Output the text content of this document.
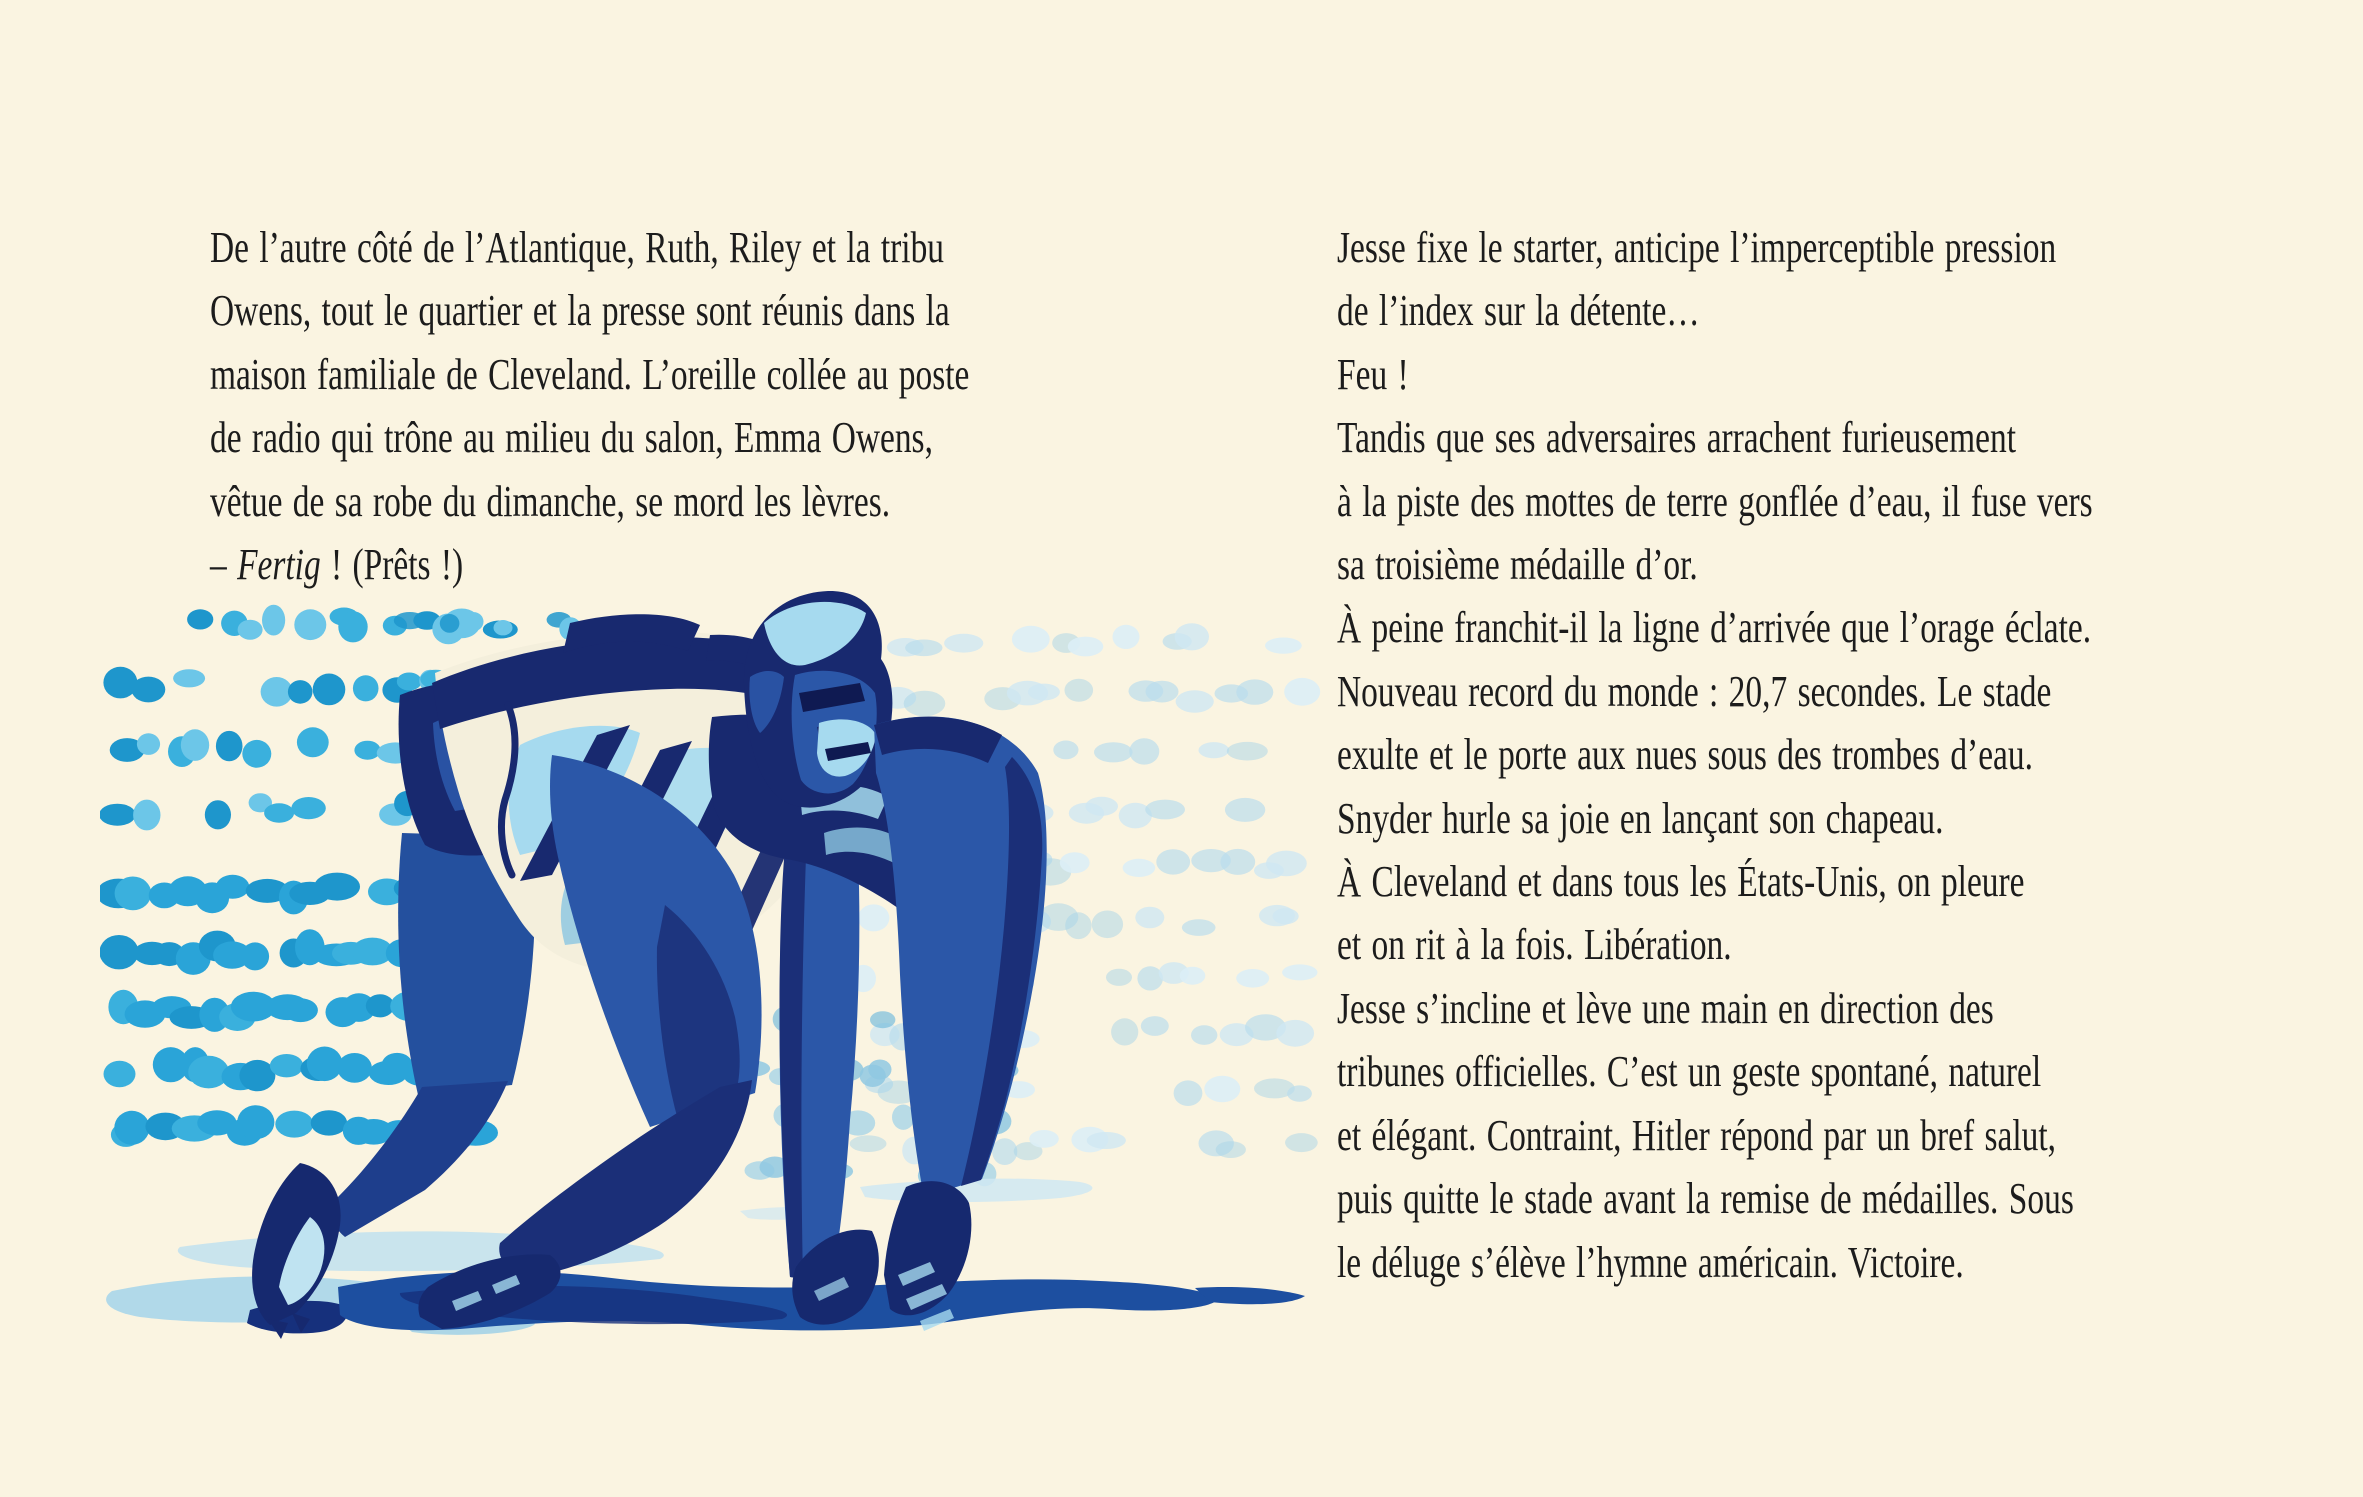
De l’autre côté de l’Atlantique, Ruth, Riley et la tribu
Owens, tout le quartier et la presse sont réunis dans la
maison familiale de Cleveland. L’oreille collée au poste
de radio qui trône au milieu du salon, Emma Owens,
vêtue de sa robe du dimanche, se mord les lèvres.
– Fertig ! (Prêts !)
Jesse fixe le starter, anticipe l’imperceptible pression
de l’index sur la détente…
Feu !
Tandis que ses adversaires arrachent furieusement
à la piste des mottes de terre gonflée d’eau, il fuse vers
sa troisième médaille d’or.
À peine franchit-il la ligne d’arrivée que l’orage éclate.
Nouveau record du monde : 20,7 secondes. Le stade
exulte et le porte aux nues sous des trombes d’eau.
Snyder hurle sa joie en lançant son chapeau.
À Cleveland et dans tous les États-Unis, on pleure
et on rit à la fois. Libération.
Jesse s’incline et lève une main en direction des
tribunes officielles. C’est un geste spontané, naturel
et élégant. Contraint, Hitler répond par un bref salut,
puis quitte le stade avant la remise de médailles. Sous
le déluge s’élève l’hymne américain. Victoire.
